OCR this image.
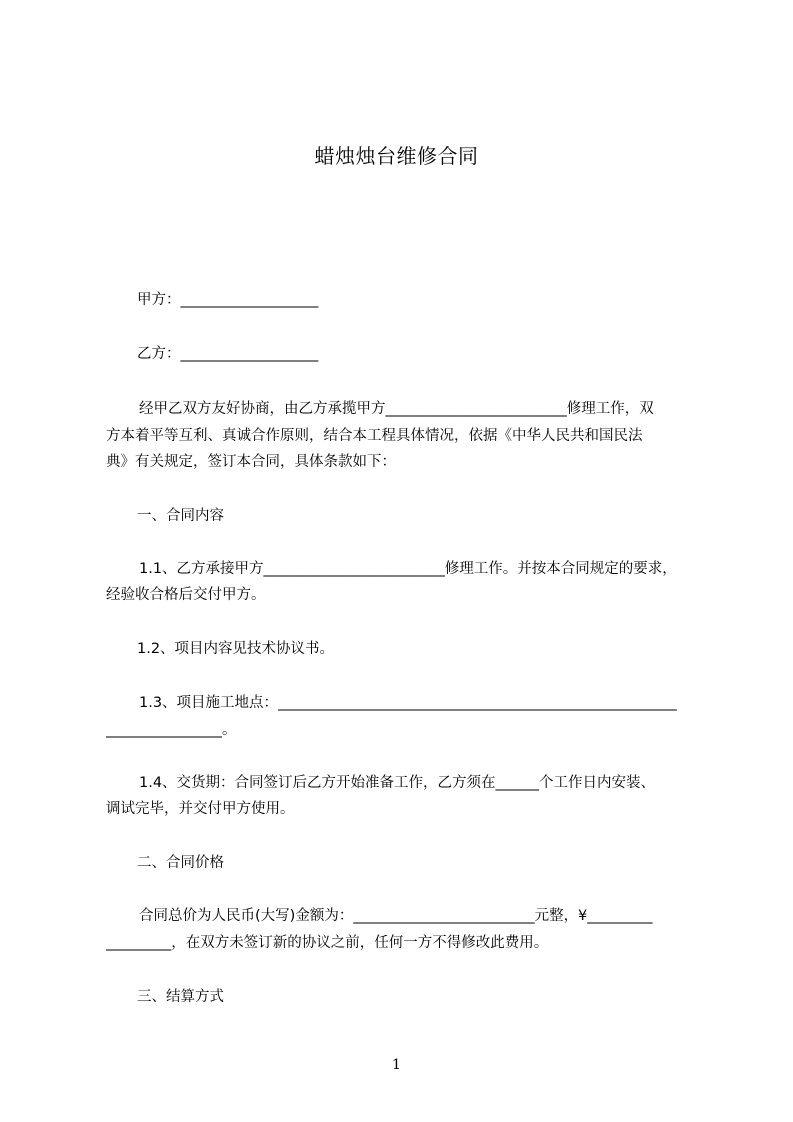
蜡烛烛台维修合同
甲方：___________________
乙方：___________________
经甲乙双方友好协商，由乙方承揽甲方_________________________修理工作，双
方本着平等互利、真诚合作原则，结合本工程具体情况，依据《中华人民共和国民法
典》有关规定，签订本合同，具体条款如下：
一、合同内容
1.1、乙方承接甲方_________________________修理工作。并按本合同规定的要求，
经验收合格后交付甲方。
1.2、项目内容见技术协议书。
1.3、项目施工地点：_______________________________________________________
________________。
1.4、交货期：合同签订后乙方开始准备工作，乙方须在______个工作日内安装、
调试完毕，并交付甲方使用。
二、合同价格
合同总价为人民币(大写)金额为：_________________________元整，¥_________
_________，在双方未签订新的协议之前，任何一方不得修改此费用。
三、结算方式
1
